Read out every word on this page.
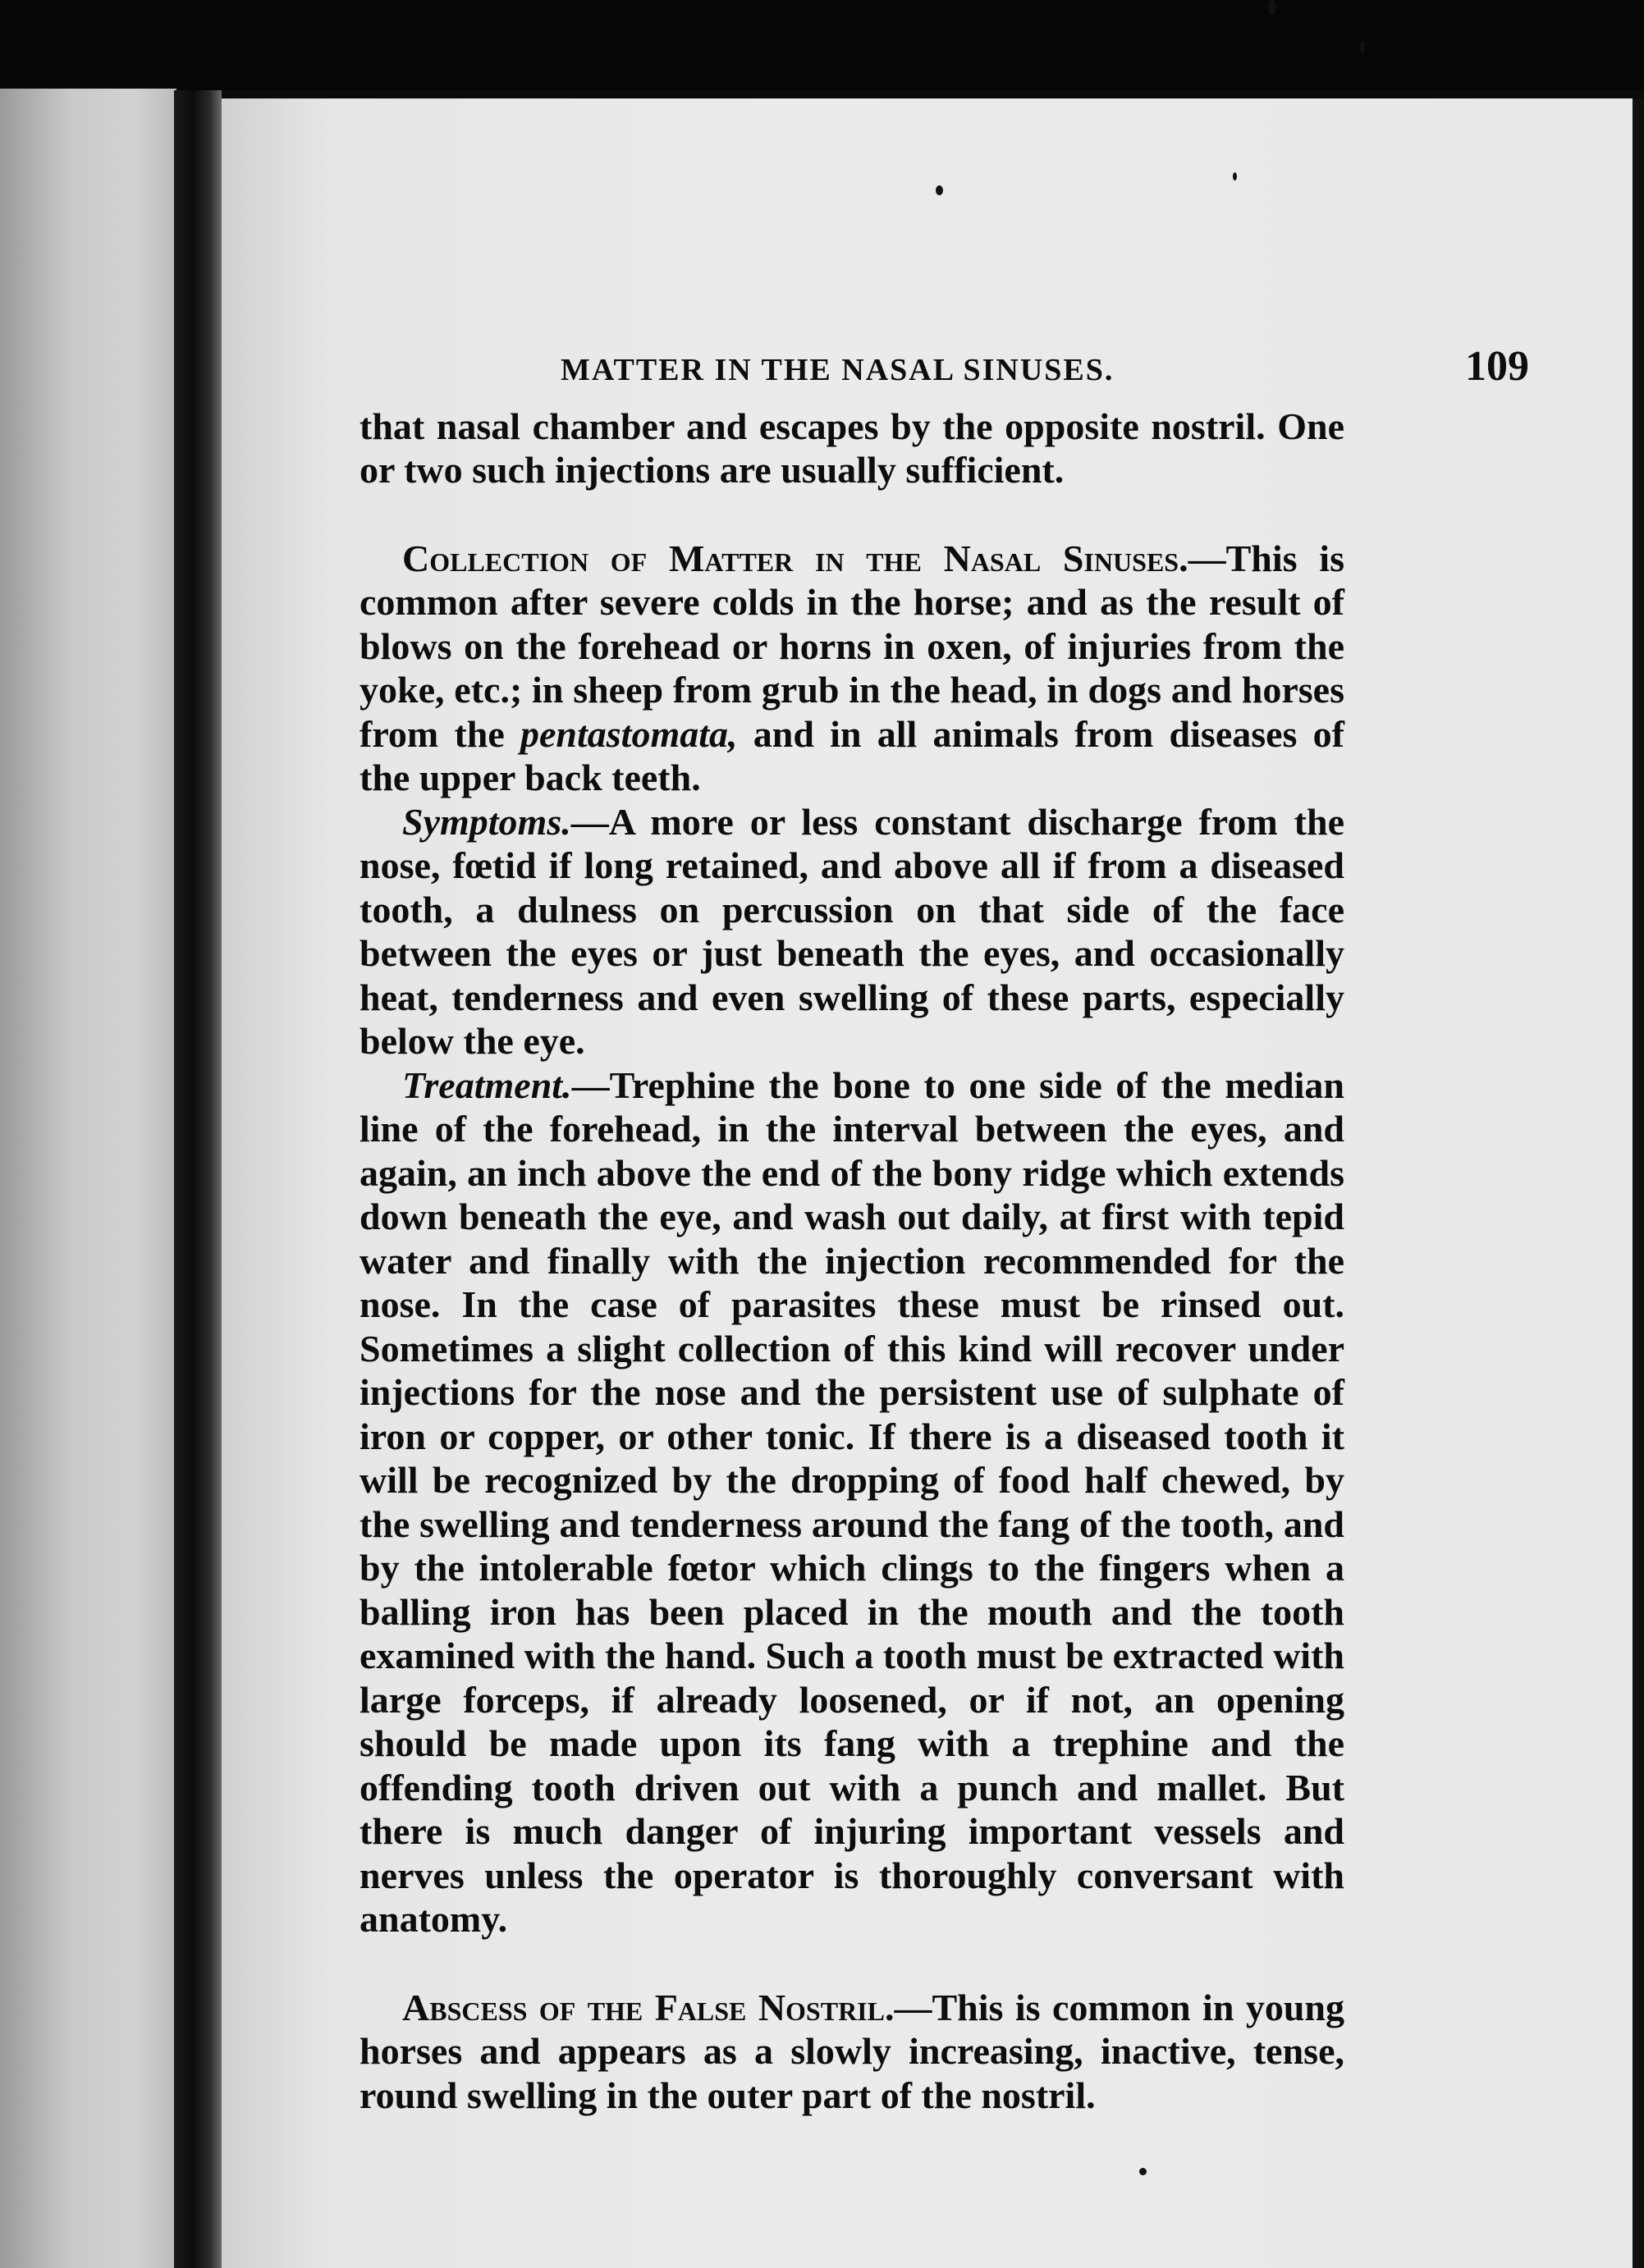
MATTER IN THE NASAL SINUSES.	109

that nasal chamber and escapes by the opposite nostril. One or two such injections are usually sufficient.

Collection of Matter in the Nasal Sinuses.—This is common after severe colds in the horse; and as the result of blows on the forehead or horns in oxen, of injuries from the yoke, etc.; in sheep from grub in the head, in dogs and horses from the pentastomata, and in all animals from diseases of the upper back teeth.

Symptoms.—A more or less constant discharge from the nose, fœtid if long retained, and above all if from a diseased tooth, a dulness on percussion on that side of the face between the eyes or just beneath the eyes, and occasionally heat, tenderness and even swelling of these parts, especially below the eye.

Treatment.—Trephine the bone to one side of the median line of the forehead, in the interval between the eyes, and again, an inch above the end of the bony ridge which extends down beneath the eye, and wash out daily, at first with tepid water and finally with the injection recommended for the nose. In the case of parasites these must be rinsed out. Sometimes a slight collection of this kind will recover under injections for the nose and the persistent use of sulphate of iron or copper, or other tonic. If there is a diseased tooth it will be recognized by the dropping of food half chewed, by the swelling and tenderness around the fang of the tooth, and by the intolerable fœtor which clings to the fingers when a balling iron has been placed in the mouth and the tooth examined with the hand. Such a tooth must be extracted with large forceps, if already loosened, or if not, an opening should be made upon its fang with a trephine and the offending tooth driven out with a punch and mallet. But there is much danger of injuring important vessels and nerves unless the operator is thoroughly conversant with anatomy.

Abscess of the False Nostril.—This is common in young horses and appears as a slowly increasing, inactive, tense, round swelling in the outer part of the nostril.
